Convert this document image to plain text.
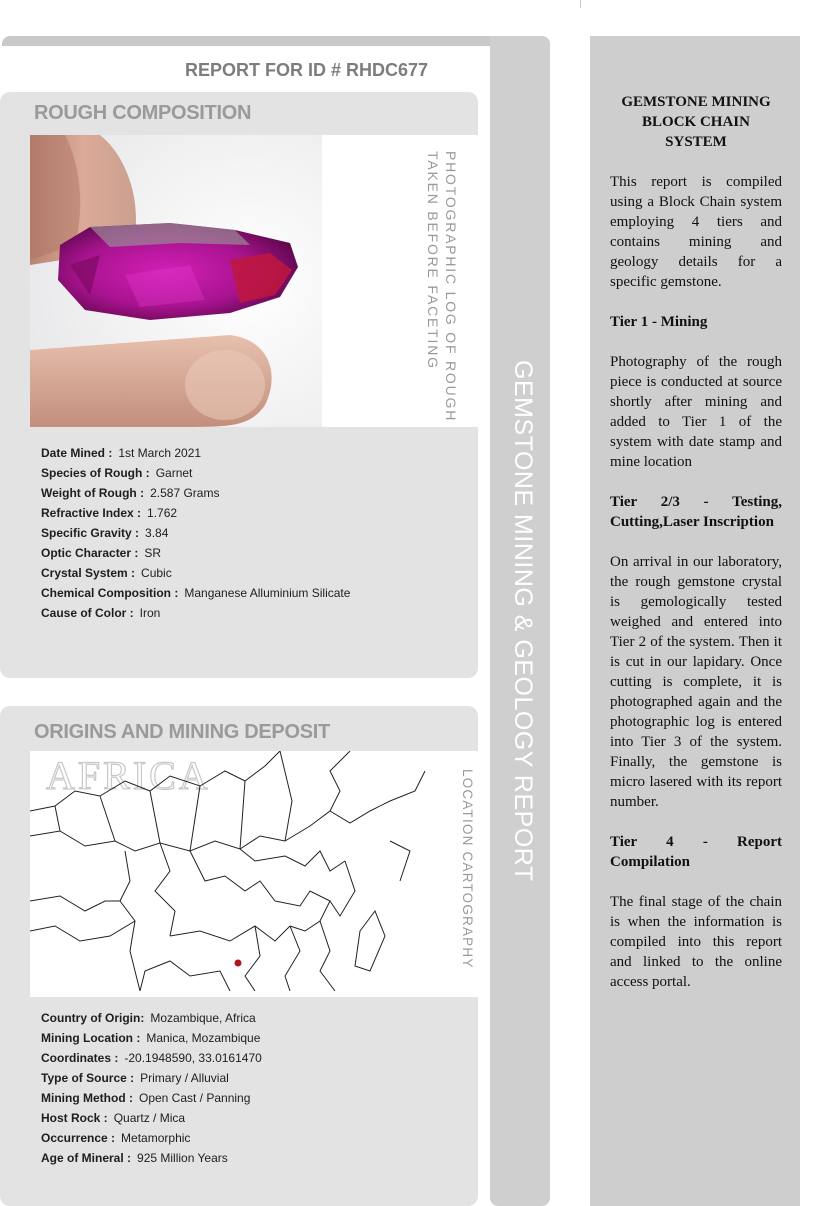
GEMSTONE MINING & GEOLOGY REPORT
REPORT FOR ID # RHDC677
ROUGH COMPOSITION
PHOTOGRAPHIC LOG OF ROUGH
TAKEN BEFORE FACETING
Date Mined : 1st March 2021
Species of Rough : Garnet
Weight of Rough : 2.587 Grams
Refractive Index : 1.762
Specific Gravity : 3.84
Optic Character : SR
Crystal System : Cubic
Chemical Composition : Manganese Alluminium Silicate
Cause of Color : Iron
ORIGINS AND MINING DEPOSIT
AFRICA	LOCATION CARTOGRAPHY
Country of Origin: Mozambique, Africa
Mining Location : Manica, Mozambique
Coordinates : -20.1948590, 33.0161470
Type of Source : Primary / Alluvial
Mining Method : Open Cast / Panning
Host Rock : Quartz / Mica
Occurrence : Metamorphic
Age of Mineral : 925 Million Years
GEMSTONE MINING BLOCK CHAIN SYSTEM

This report is compiled using a Block Chain system employing 4 tiers and contains mining and geology details for a specific gemstone.

Tier 1 - Mining

Photography of the rough piece is conducted at source shortly after mining and added to Tier 1 of the system with date stamp and mine location

Tier 2/3 - Testing, Cutting,Laser Inscription

On arrival in our laboratory, the rough gemstone crystal is gemologically tested weighed and entered into Tier 2 of the system. Then it is cut in our lapidary. Once cutting is complete, it is photographed again and the photographic log is entered into Tier 3 of the system. Finally, the gemstone is micro lasered with its report number.

Tier 4 - Report Compilation

The final stage of the chain is when the information is compiled into this report and linked to the online access portal.
